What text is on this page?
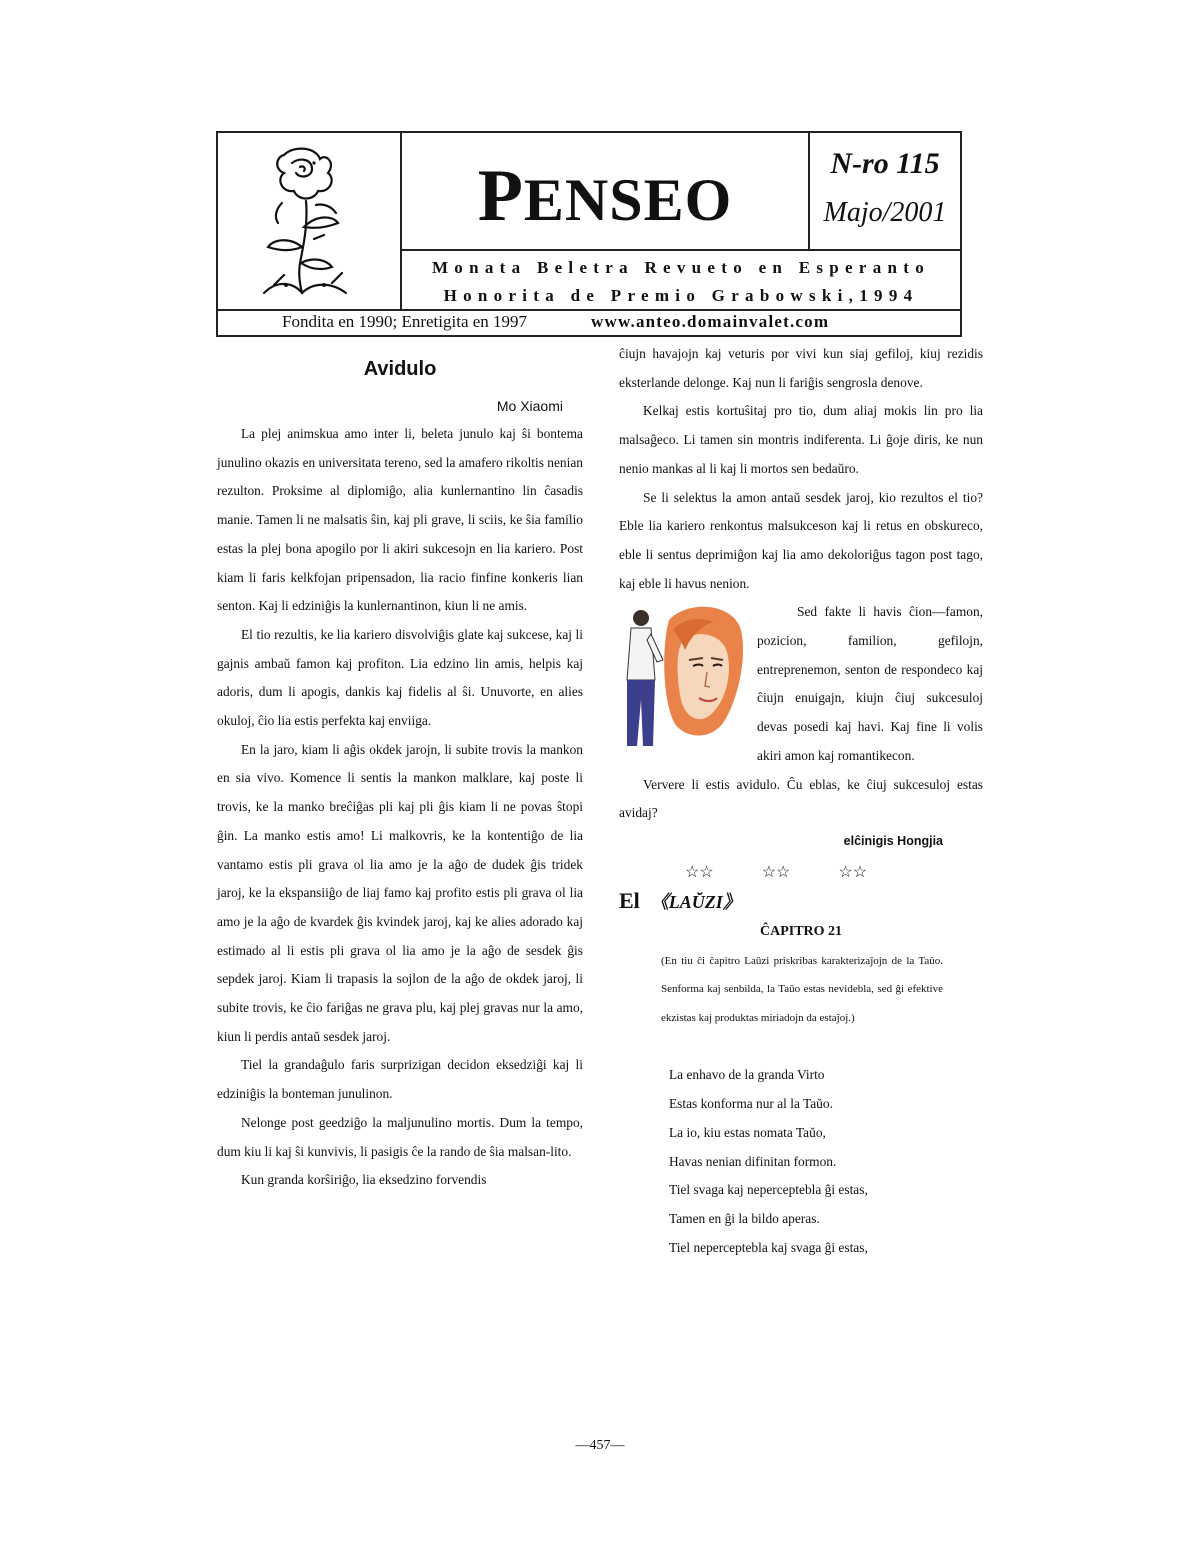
PENSEO
N-ro 115
Majo/2001
Monata Beletra Revueto en Esperanto
Honorita de Premio Grabowski,1994
Fondita en 1990; Enretigita en 1997	www.anteo.domainvalet.com
Avidulo
Mo Xiaomi

La plej animskua amo inter li, beleta junulo kaj ŝi bontema junulino okazis en universitata tereno, sed la amafero rikoltis nenian rezulton. Proksime al diplomiĝo, alia kunlernantino lin ĉasadis manie. Tamen li ne malsatis ŝin, kaj pli grave, li sciis, ke ŝia familio estas la plej bona apogilo por li akiri sukcesojn en lia kariero. Post kiam li faris kelkfojan pripensadon, lia racio finfine konkeris lian senton. Kaj li edziniĝis la kunlernantinon, kiun li ne amis.

El tio rezultis, ke lia kariero disvolviĝis glate kaj sukcese, kaj li gajnis ambaŭ famon kaj profiton. Lia edzino lin amis, helpis kaj adoris, dum li apogis, dankis kaj fidelis al ŝi. Unuvorte, en alies okuloj, ĉio lia estis perfekta kaj enviiga.

En la jaro, kiam li aĝis okdek jarojn, li subite trovis la mankon en sia vivo. Komence li sentis la mankon malklare, kaj poste li trovis, ke la manko breĉiĝas pli kaj pli ĝis kiam li ne povas ŝtopi ĝin. La manko estis amo! Li malkovris, ke la kontentiĝo de lia vantamo estis pli grava ol lia amo je la aĝo de dudek ĝis tridek jaroj, ke la ekspansiiĝo de liaj famo kaj profito estis pli grava ol lia amo je la aĝo de kvardek ĝis kvindek jaroj, kaj ke alies adorado kaj estimado al li estis pli grava ol lia amo je la aĝo de sesdek ĝis sepdek jaroj. Kiam li trapasis la sojlon de la aĝo de okdek jaroj, li subite trovis, ke ĉio fariĝas ne grava plu, kaj plej gravas nur la amo, kiun li perdis antaŭ sesdek jaroj.

Tiel la grandaĝulo faris surprizigan decidon eksedziĝi kaj li edziniĝis la bonteman junulinon.

Nelonge post geedziĝo la maljunulino mortis. Dum la tempo, dum kiu li kaj ŝi kunvivis, li pasigis ĉe la rando de ŝia malsan-lito.

Kun granda korŝiriĝo, lia eksedzino forvendis

ĉiujn havajojn kaj veturis por vivi kun siaj gefiloj, kiuj rezidis eksterlande delonge. Kaj nun li fariĝis sengrosla denove.

Kelkaj estis kortuŝitaj pro tio, dum aliaj mokis lin pro lia malsaĝeco. Li tamen sin montris indiferenta. Li ĝoje diris, ke nun nenio mankas al li kaj li mortos sen bedaŭro.

Se li selektus la amon antaŭ sesdek jaroj, kio rezultos el tio? Eble lia kariero renkontus malsukceson kaj li retus en obskureco, eble li sentus deprimiĝon kaj lia amo dekoloriĝus tagon post tago, kaj eble li havus nenion.

Sed fakte li havis ĉion—famon, pozicion, familion, gefilojn, entreprenemon, senton de respondeco kaj ĉiujn enuigajn, kiujn ĉiuj sukcesuloj devas posedi kaj havi. Kaj fine li volis akiri amon kaj romantikecon.

Ververe li estis avidulo. Ĉu eblas, ke ĉiuj sukcesuloj estas avidaj?

elĉinigis Hongjia
☆☆ ☆☆ ☆☆
El 《LAŬZI》
ĈAPITRO 21

(En tiu ĉi ĉapitro Laŭzi priskribas karakterizaĵojn de la Taŭo. Senforma kaj senbilda, la Taŭo estas nevidebla, sed ĝi efektive ekzistas kaj produktas miriadojn da estaĵoj.)

La enhavo de la granda Virto
Estas konforma nur al la Taŭo.
La io, kiu estas nomata Taŭo,
Havas nenian difinitan formon.
Tiel svaga kaj neperceptebla ĝi estas,
Tamen en ĝi la bildo aperas.
Tiel neperceptebla kaj svaga ĝi estas,
—457—
